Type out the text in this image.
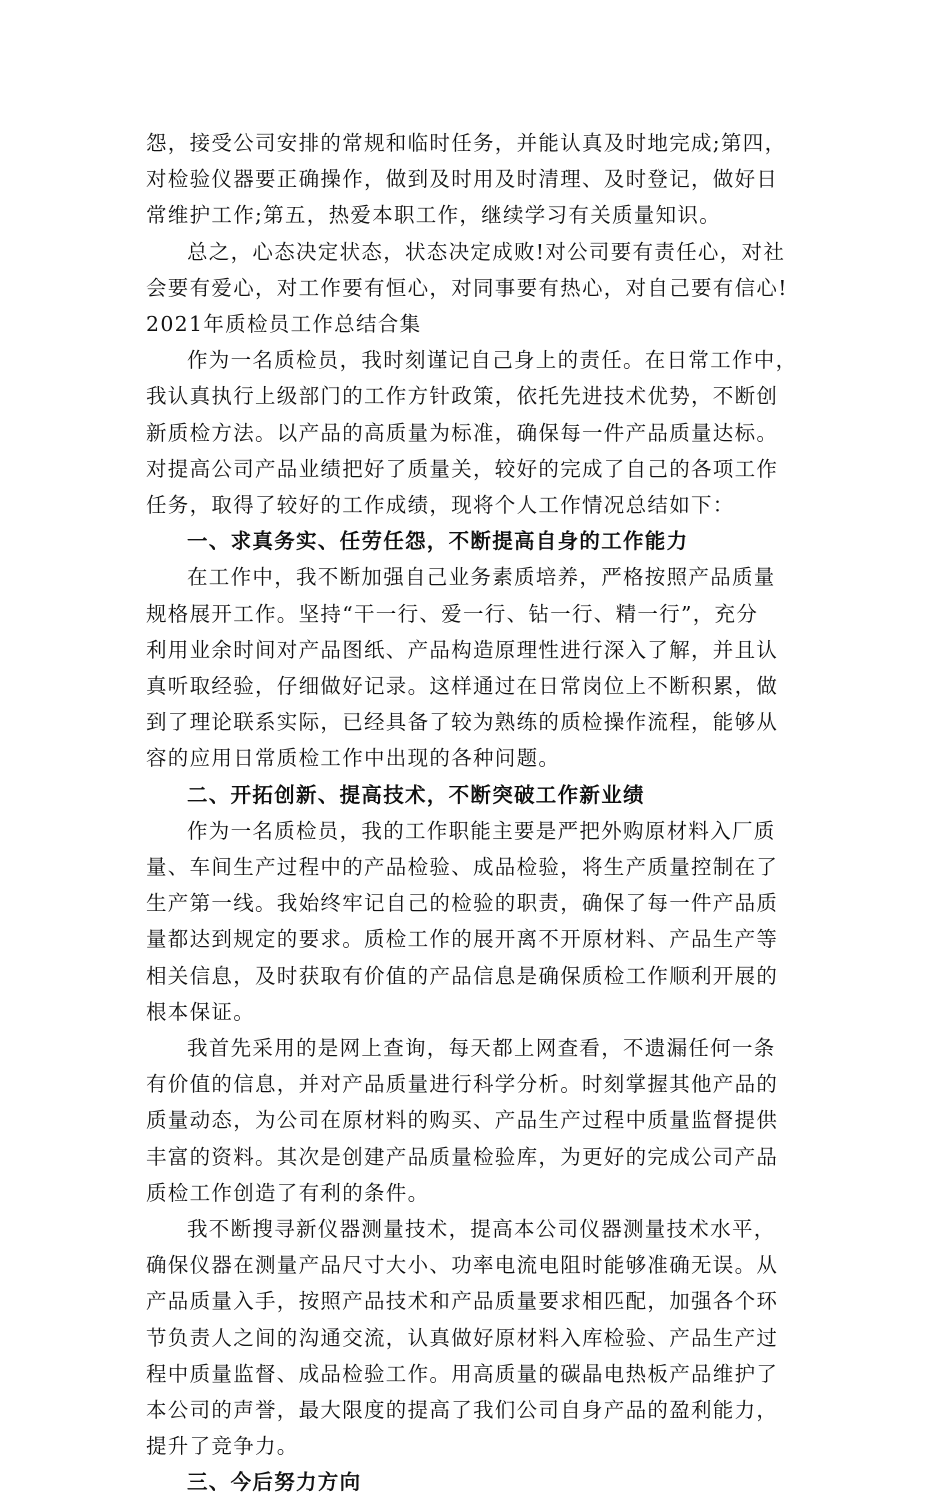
怨，接受公司安排的常规和临时任务，并能认真及时地完成;第四，
对检验仪器要正确操作，做到及时用及时清理、及时登记，做好日
常维护工作;第五，热爱本职工作，继续学习有关质量知识。
总之，心态决定状态，状态决定成败!对公司要有责任心，对社
会要有爱心，对工作要有恒心，对同事要有热心，对自己要有信心!
2021年质检员工作总结合集
作为一名质检员，我时刻谨记自己身上的责任。在日常工作中，
我认真执行上级部门的工作方针政策，依托先进技术优势，不断创
新质检方法。以产品的高质量为标准，确保每一件产品质量达标。
对提高公司产品业绩把好了质量关，较好的完成了自己的各项工作
任务，取得了较好的工作成绩，现将个人工作情况总结如下：
一、求真务实、任劳任怨，不断提高自身的工作能力
在工作中，我不断加强自己业务素质培养，严格按照产品质量
规格展开工作。坚持“干一行、爱一行、钻一行、精一行”，充分
利用业余时间对产品图纸、产品构造原理性进行深入了解，并且认
真听取经验，仔细做好记录。这样通过在日常岗位上不断积累，做
到了理论联系实际，已经具备了较为熟练的质检操作流程，能够从
容的应用日常质检工作中出现的各种问题。
二、开拓创新、提高技术，不断突破工作新业绩
作为一名质检员，我的工作职能主要是严把外购原材料入厂质
量、车间生产过程中的产品检验、成品检验，将生产质量控制在了
生产第一线。我始终牢记自己的检验的职责，确保了每一件产品质
量都达到规定的要求。质检工作的展开离不开原材料、产品生产等
相关信息，及时获取有价值的产品信息是确保质检工作顺利开展的
根本保证。
我首先采用的是网上查询，每天都上网查看，不遗漏任何一条
有价值的信息，并对产品质量进行科学分析。时刻掌握其他产品的
质量动态，为公司在原材料的购买、产品生产过程中质量监督提供
丰富的资料。其次是创建产品质量检验库，为更好的完成公司产品
质检工作创造了有利的条件。
我不断搜寻新仪器测量技术，提高本公司仪器测量技术水平，
确保仪器在测量产品尺寸大小、功率电流电阻时能够准确无误。从
产品质量入手，按照产品技术和产品质量要求相匹配，加强各个环
节负责人之间的沟通交流，认真做好原材料入库检验、产品生产过
程中质量监督、成品检验工作。用高质量的碳晶电热板产品维护了
本公司的声誉，最大限度的提高了我们公司自身产品的盈利能力，
提升了竞争力。
三、今后努力方向
